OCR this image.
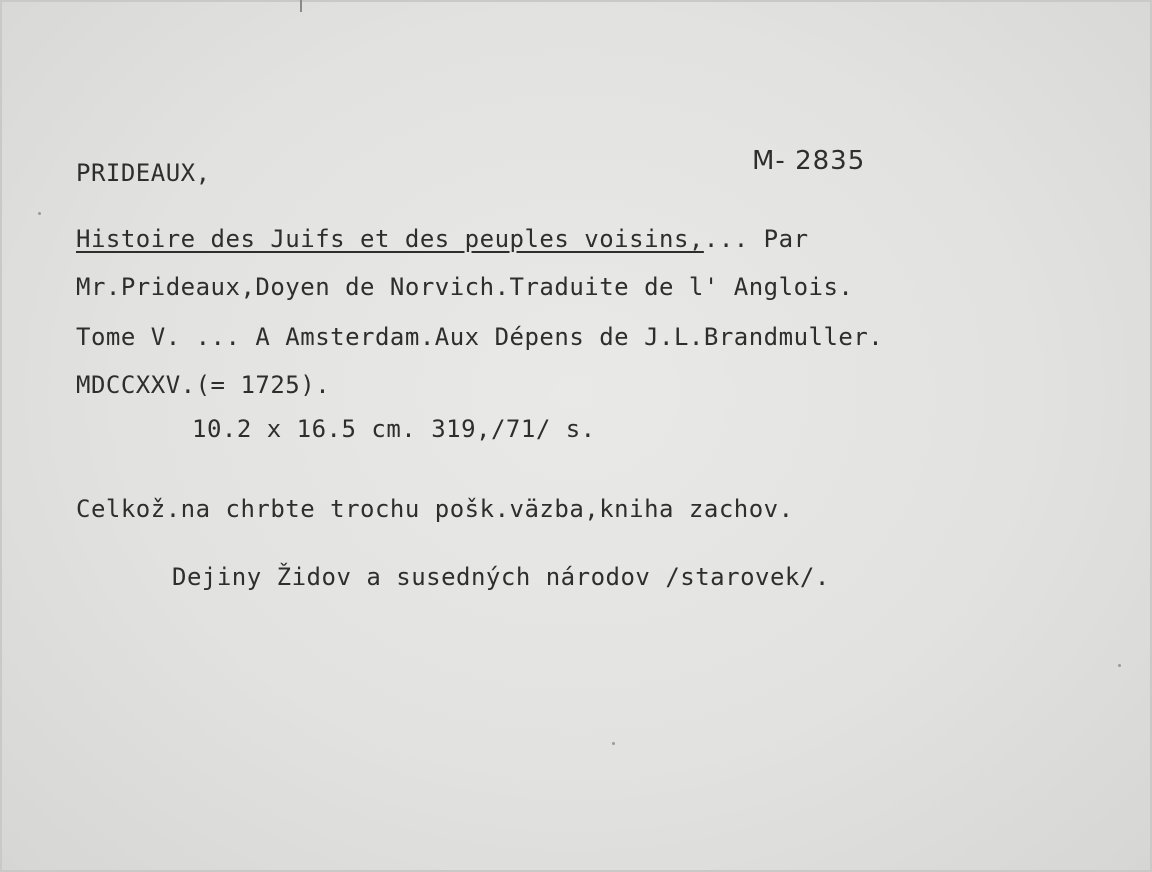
PRIDEAUX,	M- 2835
Histoire des Juifs et des peuples voisins,... Par
Mr.Prideaux,Doyen de Norvich.Traduite de l' Anglois.
Tome V. ... A Amsterdam.Aux Dépens de J.L.Brandmuller.
MDCCXXV.(= 1725).
10.2 x 16.5 cm. 319,/71/ s.
Celkož.na chrbte trochu pošk.väzba,kniha zachov.
Dejiny Židov a susedných národov /starovek/.
